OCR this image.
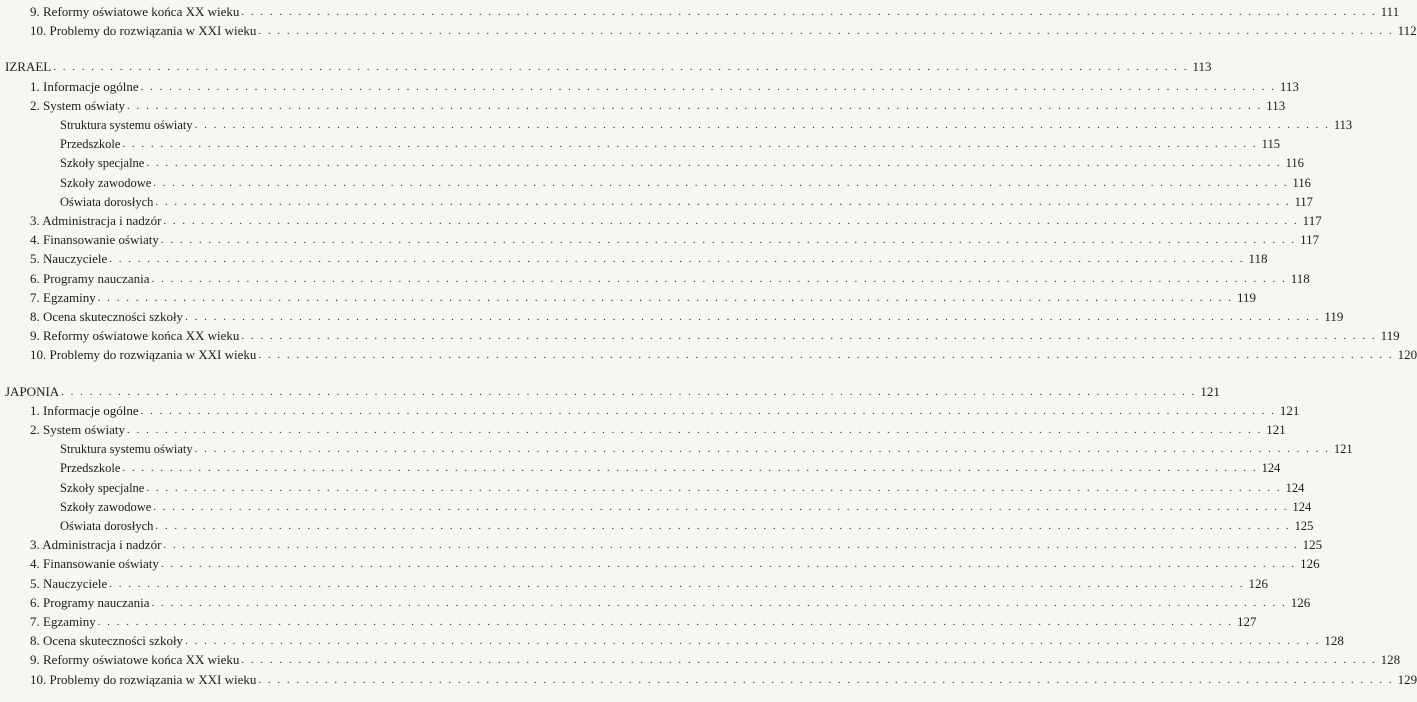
9. Reformy oświatowe końca XX wieku . . . . . . . . . . . . . . . . . . . . . . . . . . . . . . . . . . . . . . . . . . . . . . . . . . . . . . . . . . . . . . . . . . . . . . . . . . . . . . . . . . . . . . . . . . . . . . . . . . . . . . . . . . . . . . . . . . . . . . . . 111
10. Problemy do rozwiązania w XXI wieku . . . . . . . . . . . . . . . . . . . . . . . . . . . . . . . . . . . . . . . . . . . . . . . . . . . . . . . . . . . . . . . . . . . . . . . . . . . . . . . . . . . . . . . . . . . . . . . . . . . . . . . . . . . . . . . . . . . . . . . . 112
IZRAEL . . . . . . . . . . . . . . . . . . . . . . . . . . . . . . . . . . . . . . . . . . . . . . . . . . . . . . . . . . . . . . . . . . . . . . . . . . . . . . . . . . . . . . . . . . . . . . . . . . . . . . . . . . . . . . . . . . . . . . . . 113
1. Informacje ogólne . . . . . . . . . . . . . . . . . . . . . . . . . . . . . . . . . . . . . . . . . . . . . . . . . . . . . . . . . . . . . . . . . . . . . . . . . . . . . . . . . . . . . . . . . . . . . . . . . . . . . . . . . . . . . . . . . . . . . . . . 113
2. System oświaty . . . . . . . . . . . . . . . . . . . . . . . . . . . . . . . . . . . . . . . . . . . . . . . . . . . . . . . . . . . . . . . . . . . . . . . . . . . . . . . . . . . . . . . . . . . . . . . . . . . . . . . . . . . . . . . . . . . . . . . . 113
Struktura systemu oświaty . . . . . . . . . . . . . . . . . . . . . . . . . . . . . . . . . . . . . . . . . . . . . . . . . . . . . . . . . . . . . . . . . . . . . . . . . . . . . . . . . . . . . . . . . . . . . . . . . . . . . . . . . . . . . . . . . . . . . . . . 113
Przedszkole . . . . . . . . . . . . . . . . . . . . . . . . . . . . . . . . . . . . . . . . . . . . . . . . . . . . . . . . . . . . . . . . . . . . . . . . . . . . . . . . . . . . . . . . . . . . . . . . . . . . . . . . . . . . . . . . . . . . . . . . 115
Szkoły specjalne . . . . . . . . . . . . . . . . . . . . . . . . . . . . . . . . . . . . . . . . . . . . . . . . . . . . . . . . . . . . . . . . . . . . . . . . . . . . . . . . . . . . . . . . . . . . . . . . . . . . . . . . . . . . . . . . . . . . . . . . 116
Szkoły zawodowe . . . . . . . . . . . . . . . . . . . . . . . . . . . . . . . . . . . . . . . . . . . . . . . . . . . . . . . . . . . . . . . . . . . . . . . . . . . . . . . . . . . . . . . . . . . . . . . . . . . . . . . . . . . . . . . . . . . . . . . . 116
Oświata dorosłych . . . . . . . . . . . . . . . . . . . . . . . . . . . . . . . . . . . . . . . . . . . . . . . . . . . . . . . . . . . . . . . . . . . . . . . . . . . . . . . . . . . . . . . . . . . . . . . . . . . . . . . . . . . . . . . . . . . . . . . . 117
3. Administracja i nadzór . . . . . . . . . . . . . . . . . . . . . . . . . . . . . . . . . . . . . . . . . . . . . . . . . . . . . . . . . . . . . . . . . . . . . . . . . . . . . . . . . . . . . . . . . . . . . . . . . . . . . . . . . . . . . . . . . . . . . . . . 117
4. Finansowanie oświaty . . . . . . . . . . . . . . . . . . . . . . . . . . . . . . . . . . . . . . . . . . . . . . . . . . . . . . . . . . . . . . . . . . . . . . . . . . . . . . . . . . . . . . . . . . . . . . . . . . . . . . . . . . . . . . . . . . . . . . . . 117
5. Nauczyciele . . . . . . . . . . . . . . . . . . . . . . . . . . . . . . . . . . . . . . . . . . . . . . . . . . . . . . . . . . . . . . . . . . . . . . . . . . . . . . . . . . . . . . . . . . . . . . . . . . . . . . . . . . . . . . . . . . . . . . . . 118
6. Programy nauczania . . . . . . . . . . . . . . . . . . . . . . . . . . . . . . . . . . . . . . . . . . . . . . . . . . . . . . . . . . . . . . . . . . . . . . . . . . . . . . . . . . . . . . . . . . . . . . . . . . . . . . . . . . . . . . . . . . . . . . . . 118
7. Egzaminy . . . . . . . . . . . . . . . . . . . . . . . . . . . . . . . . . . . . . . . . . . . . . . . . . . . . . . . . . . . . . . . . . . . . . . . . . . . . . . . . . . . . . . . . . . . . . . . . . . . . . . . . . . . . . . . . . . . . . . . . 119
8. Ocena skuteczności szkoły . . . . . . . . . . . . . . . . . . . . . . . . . . . . . . . . . . . . . . . . . . . . . . . . . . . . . . . . . . . . . . . . . . . . . . . . . . . . . . . . . . . . . . . . . . . . . . . . . . . . . . . . . . . . . . . . . . . . . . . . 119
9. Reformy oświatowe końca XX wieku . . . . . . . . . . . . . . . . . . . . . . . . . . . . . . . . . . . . . . . . . . . . . . . . . . . . . . . . . . . . . . . . . . . . . . . . . . . . . . . . . . . . . . . . . . . . . . . . . . . . . . . . . . . . . . . . . . . . . . . . 119
10. Problemy do rozwiązania w XXI wieku . . . . . . . . . . . . . . . . . . . . . . . . . . . . . . . . . . . . . . . . . . . . . . . . . . . . . . . . . . . . . . . . . . . . . . . . . . . . . . . . . . . . . . . . . . . . . . . . . . . . . . . . . . . . . . . . . . . . . . . . 120
JAPONIA . . . . . . . . . . . . . . . . . . . . . . . . . . . . . . . . . . . . . . . . . . . . . . . . . . . . . . . . . . . . . . . . . . . . . . . . . . . . . . . . . . . . . . . . . . . . . . . . . . . . . . . . . . . . . . . . . . . . . . . . 121
1. Informacje ogólne . . . . . . . . . . . . . . . . . . . . . . . . . . . . . . . . . . . . . . . . . . . . . . . . . . . . . . . . . . . . . . . . . . . . . . . . . . . . . . . . . . . . . . . . . . . . . . . . . . . . . . . . . . . . . . . . . . . . . . . . 121
2. System oświaty . . . . . . . . . . . . . . . . . . . . . . . . . . . . . . . . . . . . . . . . . . . . . . . . . . . . . . . . . . . . . . . . . . . . . . . . . . . . . . . . . . . . . . . . . . . . . . . . . . . . . . . . . . . . . . . . . . . . . . . . 121
Struktura systemu oświaty . . . . . . . . . . . . . . . . . . . . . . . . . . . . . . . . . . . . . . . . . . . . . . . . . . . . . . . . . . . . . . . . . . . . . . . . . . . . . . . . . . . . . . . . . . . . . . . . . . . . . . . . . . . . . . . . . . . . . . . . 121
Przedszkole . . . . . . . . . . . . . . . . . . . . . . . . . . . . . . . . . . . . . . . . . . . . . . . . . . . . . . . . . . . . . . . . . . . . . . . . . . . . . . . . . . . . . . . . . . . . . . . . . . . . . . . . . . . . . . . . . . . . . . . . 124
Szkoły specjalne . . . . . . . . . . . . . . . . . . . . . . . . . . . . . . . . . . . . . . . . . . . . . . . . . . . . . . . . . . . . . . . . . . . . . . . . . . . . . . . . . . . . . . . . . . . . . . . . . . . . . . . . . . . . . . . . . . . . . . . . 124
Szkoły zawodowe . . . . . . . . . . . . . . . . . . . . . . . . . . . . . . . . . . . . . . . . . . . . . . . . . . . . . . . . . . . . . . . . . . . . . . . . . . . . . . . . . . . . . . . . . . . . . . . . . . . . . . . . . . . . . . . . . . . . . . . . 124
Oświata dorosłych . . . . . . . . . . . . . . . . . . . . . . . . . . . . . . . . . . . . . . . . . . . . . . . . . . . . . . . . . . . . . . . . . . . . . . . . . . . . . . . . . . . . . . . . . . . . . . . . . . . . . . . . . . . . . . . . . . . . . . . . 125
3. Administracja i nadzór . . . . . . . . . . . . . . . . . . . . . . . . . . . . . . . . . . . . . . . . . . . . . . . . . . . . . . . . . . . . . . . . . . . . . . . . . . . . . . . . . . . . . . . . . . . . . . . . . . . . . . . . . . . . . . . . . . . . . . . . 125
4. Finansowanie oświaty . . . . . . . . . . . . . . . . . . . . . . . . . . . . . . . . . . . . . . . . . . . . . . . . . . . . . . . . . . . . . . . . . . . . . . . . . . . . . . . . . . . . . . . . . . . . . . . . . . . . . . . . . . . . . . . . . . . . . . . . 126
5. Nauczyciele . . . . . . . . . . . . . . . . . . . . . . . . . . . . . . . . . . . . . . . . . . . . . . . . . . . . . . . . . . . . . . . . . . . . . . . . . . . . . . . . . . . . . . . . . . . . . . . . . . . . . . . . . . . . . . . . . . . . . . . . 126
6. Programy nauczania . . . . . . . . . . . . . . . . . . . . . . . . . . . . . . . . . . . . . . . . . . . . . . . . . . . . . . . . . . . . . . . . . . . . . . . . . . . . . . . . . . . . . . . . . . . . . . . . . . . . . . . . . . . . . . . . . . . . . . . . 126
7. Egzaminy . . . . . . . . . . . . . . . . . . . . . . . . . . . . . . . . . . . . . . . . . . . . . . . . . . . . . . . . . . . . . . . . . . . . . . . . . . . . . . . . . . . . . . . . . . . . . . . . . . . . . . . . . . . . . . . . . . . . . . . . 127
8. Ocena skuteczności szkoły . . . . . . . . . . . . . . . . . . . . . . . . . . . . . . . . . . . . . . . . . . . . . . . . . . . . . . . . . . . . . . . . . . . . . . . . . . . . . . . . . . . . . . . . . . . . . . . . . . . . . . . . . . . . . . . . . . . . . . . . 128
9. Reformy oświatowe końca XX wieku . . . . . . . . . . . . . . . . . . . . . . . . . . . . . . . . . . . . . . . . . . . . . . . . . . . . . . . . . . . . . . . . . . . . . . . . . . . . . . . . . . . . . . . . . . . . . . . . . . . . . . . . . . . . . . . . . . . . . . . . 128
10. Problemy do rozwiązania w XXI wieku . . . . . . . . . . . . . . . . . . . . . . . . . . . . . . . . . . . . . . . . . . . . . . . . . . . . . . . . . . . . . . . . . . . . . . . . . . . . . . . . . . . . . . . . . . . . . . . . . . . . . . . . . . . . . . . . . . . . . . . . 129
